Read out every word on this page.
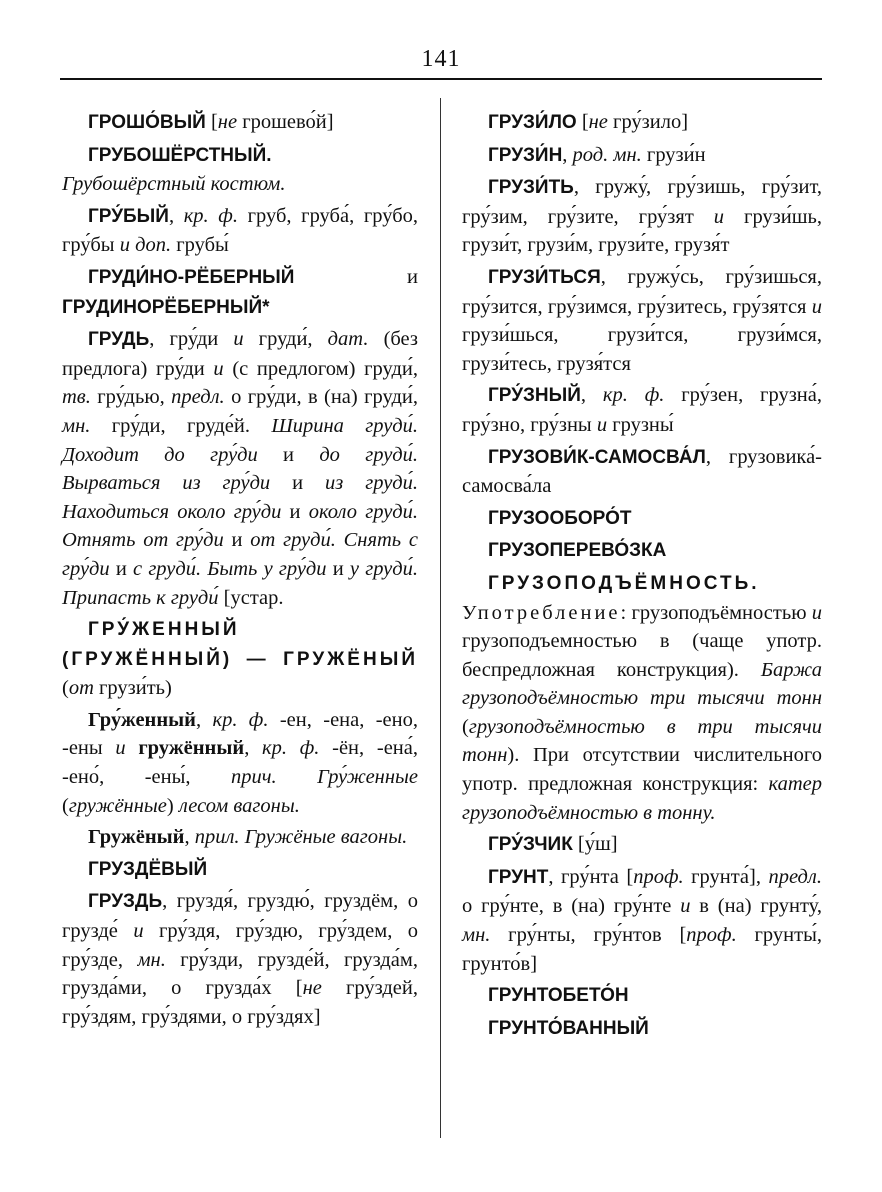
141

ГРОШО́ВЫЙ [не грошево́й]

ГРУБОШЁРСТНЫЙ. Грубошёрстный костюм.

ГРУ́БЫЙ, кр. ф. груб, груба́, гру́бо, гру́бы и доп. грубы́

ГРУДИ́НО-РЁБЕРНЫЙ и ГРУДИНОРЁБЕРНЫЙ*

ГРУДЬ, гру́ди и груди́, дат. (без предлога) гру́ди и (с предлогом) груди́, тв. гру́дью, предл. о гру́ди, в (на) груди́, мн. гру́ди, груде́й. Ширина груди́. Доходит до гру́ди и до груди́. Вырваться из гру́ди и из груди́. Находиться около гру́ди и около груди́. Отнять от гру́ди и от груди́. Снять с гру́ди и с груди́. Быть у гру́ди и у груди́. Припасть к груди́ [устар.

ГРУ́ЖЕННЫЙ (ГРУЖЁННЫЙ) — ГРУЖЁНЫЙ (от грузи́ть)

Гру́женный, кр. ф. -ен, -ена, -ено, -ены и гружённый, кр. ф. -ён, -ена́, -ено́, -ены́, прич. Гру́женные (гружённые) лесом вагоны.

Гружёный, прил. Гружёные вагоны.

ГРУЗДЁВЫЙ

ГРУЗДЬ, груздя́, груздю́, груздём, о грузде́ и гру́здя, гру́здю, гру́здем, о гру́зде, мн. гру́зди, грузде́й, грузда́м, грузда́ми, о грузда́х [не гру́здей, гру́здям, гру́здями, о гру́здях]

ГРУЗИ́ЛО [не гру́зило]

ГРУЗИ́Н, род. мн. грузи́н

ГРУЗИ́ТЬ, гружу́, гру́зишь, гру́зит, гру́зим, гру́зите, гру́зят и грузи́шь, грузи́т, грузи́м, грузи́те, грузя́т

ГРУЗИ́ТЬСЯ, гружу́сь, гру́зишься, гру́зится, гру́зимся, гру́зитесь, гру́зятся и грузи́шься, грузи́тся, грузи́мся, грузи́тесь, грузя́тся

ГРУ́ЗНЫЙ, кр. ф. гру́зен, грузна́, гру́зно, гру́зны и грузны́

ГРУЗОВИ́К-САМОСВА́Л, грузовика́-самосва́ла

ГРУЗООБОРО́Т

ГРУЗОПЕРЕВО́ЗКА

ГРУЗОПОДЪЁМНОСТЬ. Употребление: грузоподъёмностью и грузоподъемностью в (чаще употр. беспредложная конструкция). Баржа грузоподъёмностью три тысячи тонн (грузоподъёмностью в три тысячи тонн). При отсутствии числительного употр. предложная конструкция: катер грузоподъёмностью в тонну.

ГРУ́ЗЧИК [у́ш]

ГРУНТ, гру́нта [проф. грунта́], предл. о гру́нте, в (на) гру́нте и в (на) грунту́, мн. гру́нты, гру́нтов [проф. грунты́, грунто́в]

ГРУНТОБЕТО́Н

ГРУНТО́ВАННЫЙ
